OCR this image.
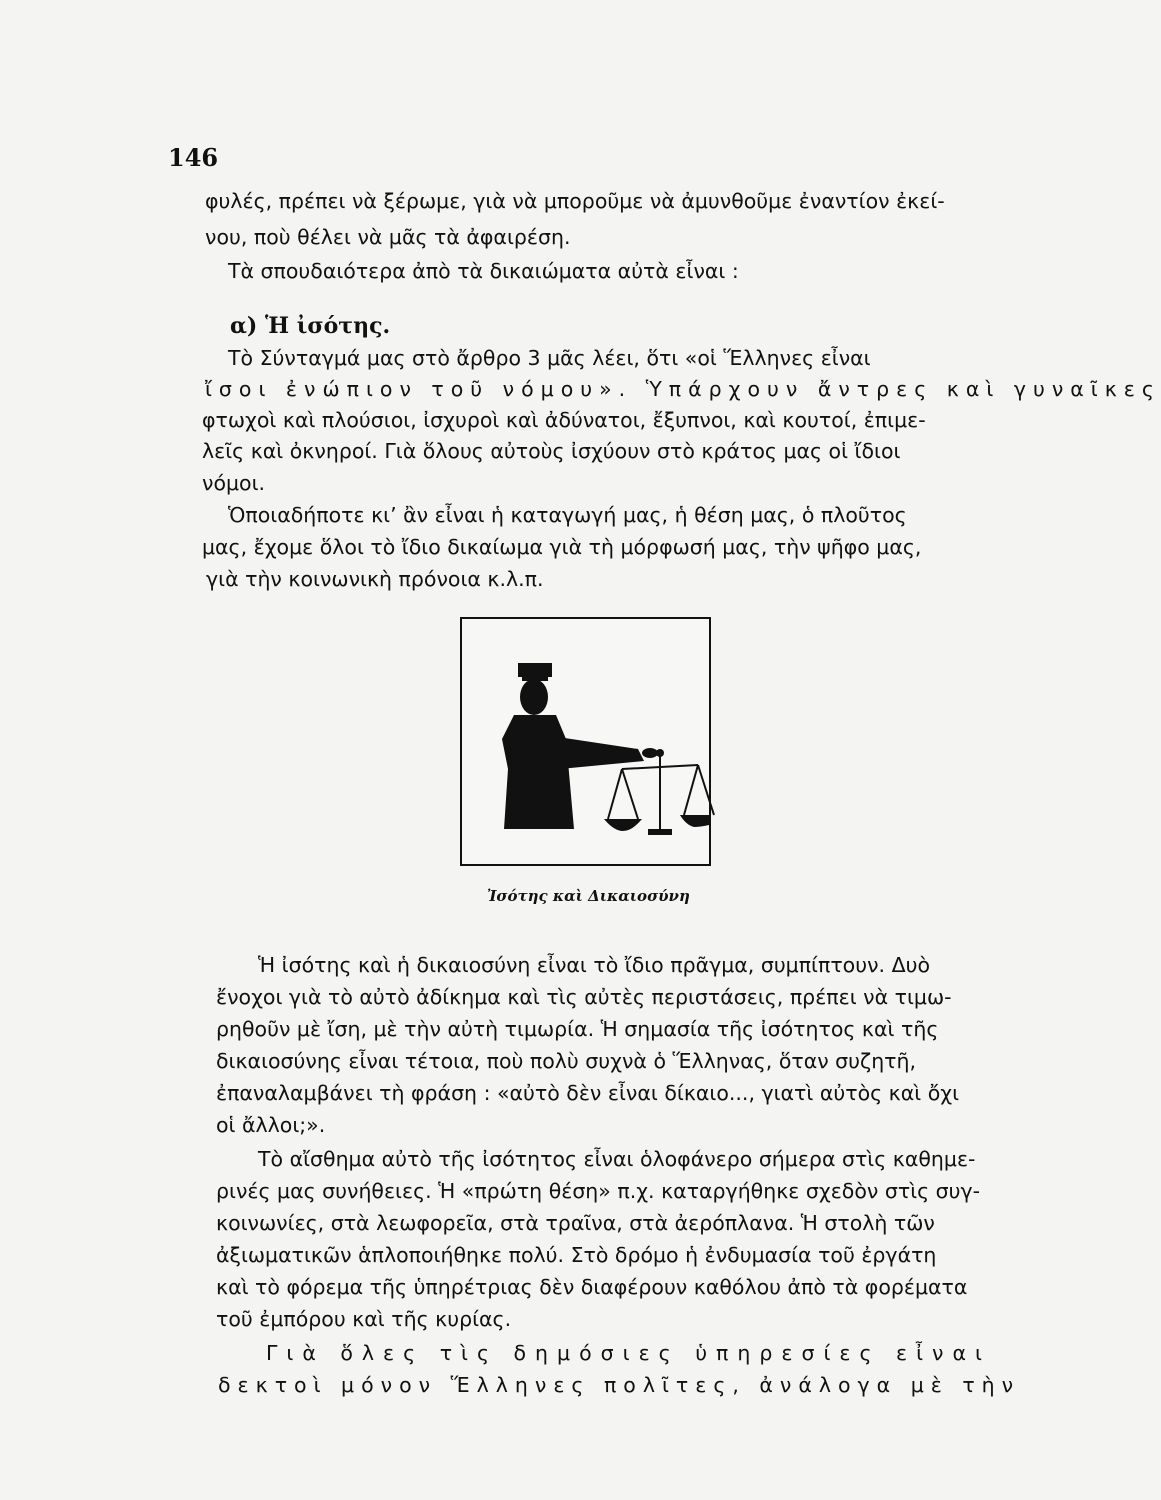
146
φυλές, πρέπει νὰ ξέρωμε, γιὰ νὰ μποροῦμε νὰ ἀμυνθοῦμε ἐναντίον ἐκεί-
νου, ποὺ θέλει νὰ μᾶς τὰ ἀφαιρέση.
Τὰ σπουδαιότερα ἀπὸ τὰ δικαιώματα αὐτὰ εἶναι :
α) Ἡ ἰσότης.
Τὸ Σύνταγμά μας στὸ ἄρθρο 3 μᾶς λέει, ὅτι «οἱ Ἕλληνες εἶναι
ἴσοι ἐνώπιον τοῦ νόμου». Ὑπάρχουν ἄντρες καὶ γυναῖκες
φτωχοὶ καὶ πλούσιοι, ἰσχυροὶ καὶ ἀδύνατοι, ἔξυπνοι, καὶ κουτοί, ἐπιμε-
λεῖς καὶ ὀκνηροί. Γιὰ ὅλους αὐτοὺς ἰσχύουν στὸ κράτος μας οἱ ἴδιοι
νόμοι.
Ὁποιαδήποτε κι’ ἂν εἶναι ἡ καταγωγή μας, ἡ θέση μας, ὁ πλοῦτος
μας, ἔχομε ὅλοι τὸ ἴδιο δικαίωμα γιὰ τὴ μόρφωσή μας, τὴν ψῆφο μας,
γιὰ τὴν κοινωνικὴ πρόνοια κ.λ.π.
Ἰσότης καὶ Δικαιοσύνη
Ἡ ἰσότης καὶ ἡ δικαιοσύνη εἶναι τὸ ἴδιο πρᾶγμα, συμπίπτουν. Δυὸ
ἔνοχοι γιὰ τὸ αὐτὸ ἀδίκημα καὶ τὶς αὐτὲς περιστάσεις, πρέπει νὰ τιμω-
ρηθοῦν μὲ ἴση, μὲ τὴν αὐτὴ τιμωρία. Ἡ σημασία τῆς ἰσότητος καὶ τῆς
δικαιοσύνης εἶναι τέτοια, ποὺ πολὺ συχνὰ ὁ Ἕλληνας, ὅταν συζητῆ,
ἐπαναλαμβάνει τὴ φράση : «αὐτὸ δὲν εἶναι δίκαιο..., γιατὶ αὐτὸς καὶ ὄχι
οἱ ἄλλοι;».
Τὸ αἴσθημα αὐτὸ τῆς ἰσότητος εἶναι ὁλοφάνερο σήμερα στὶς καθημε-
ρινές μας συνήθειες. Ἡ «πρώτη θέση» π.χ. καταργήθηκε σχεδὸν στὶς συγ-
κοινωνίες, στὰ λεωφορεῖα, στὰ τραῖνα, στὰ ἀερόπλανα. Ἡ στολὴ τῶν
ἀξιωματικῶν ἁπλοποιήθηκε πολύ. Στὸ δρόμο ἡ ἐνδυμασία τοῦ ἐργάτη
καὶ τὸ φόρεμα τῆς ὑπηρέτριας δὲν διαφέρουν καθόλου ἀπὸ τὰ φορέματα
τοῦ ἐμπόρου καὶ τῆς κυρίας.
Γιὰ ὅλες τὶς δημόσιες ὑπηρεσίες εἶναι
δεκτοὶ μόνον Ἕλληνες πολῖτες, ἀνάλογα μὲ τὴν
